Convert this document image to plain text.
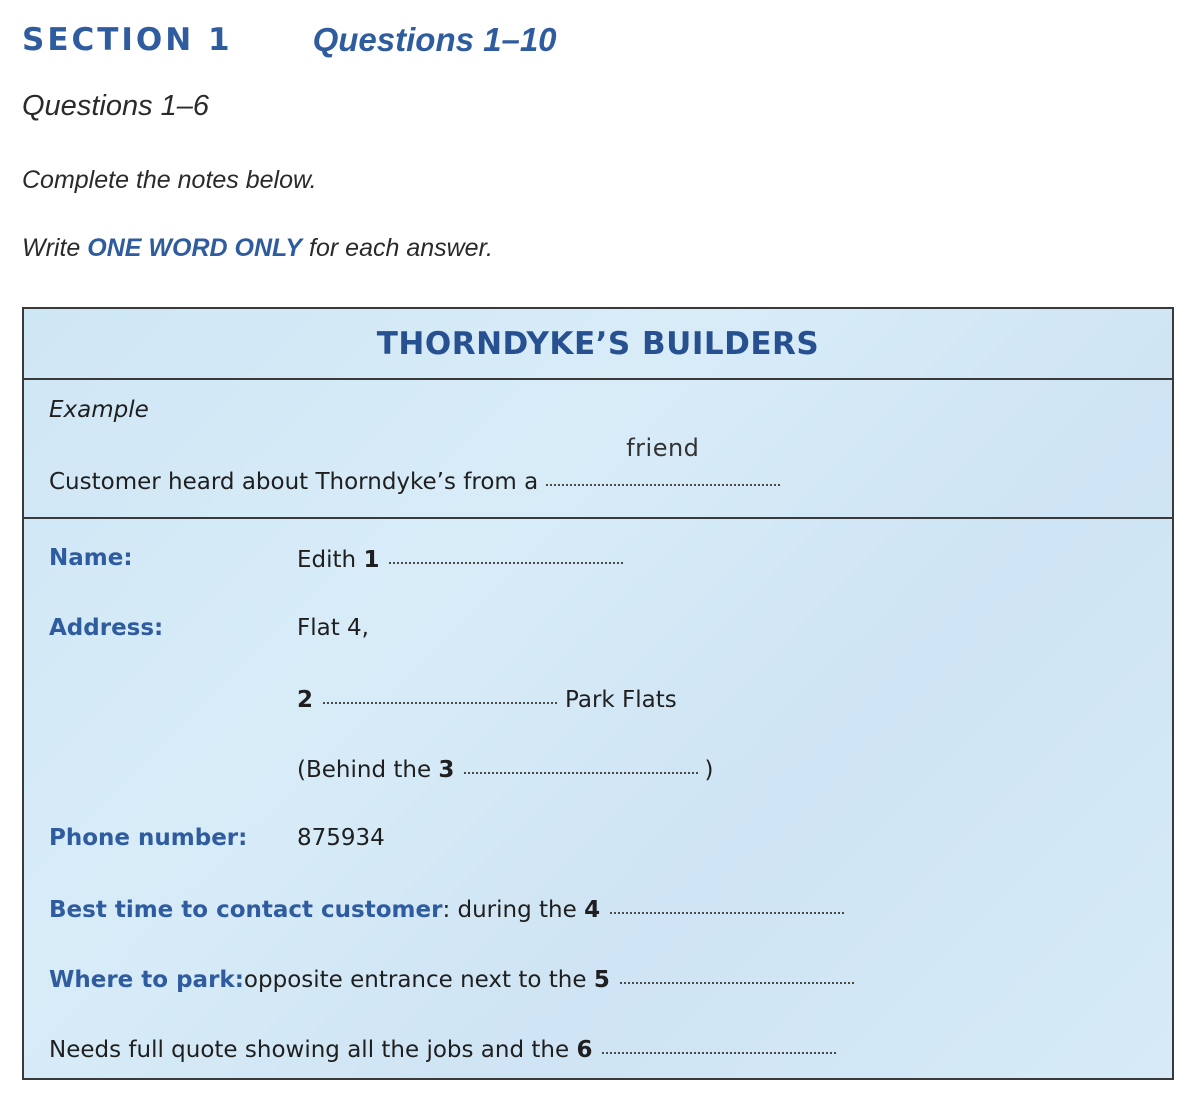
SECTION 1 Questions 1–10
Questions 1–6
Complete the notes below.
Write ONE WORD ONLY for each answer.
THORNDYKE’S BUILDERS
Example
Customer heard about Thorndyke’s from a
friend
Name:	Edith
1
Address:	Flat 4,
2	Park Flats
(Behind the
3	)
Phone number: 875934
Best time to contact customer : during the
4
Where to park: opposite entrance next to the
5
Needs full quote showing all the jobs and the
6
